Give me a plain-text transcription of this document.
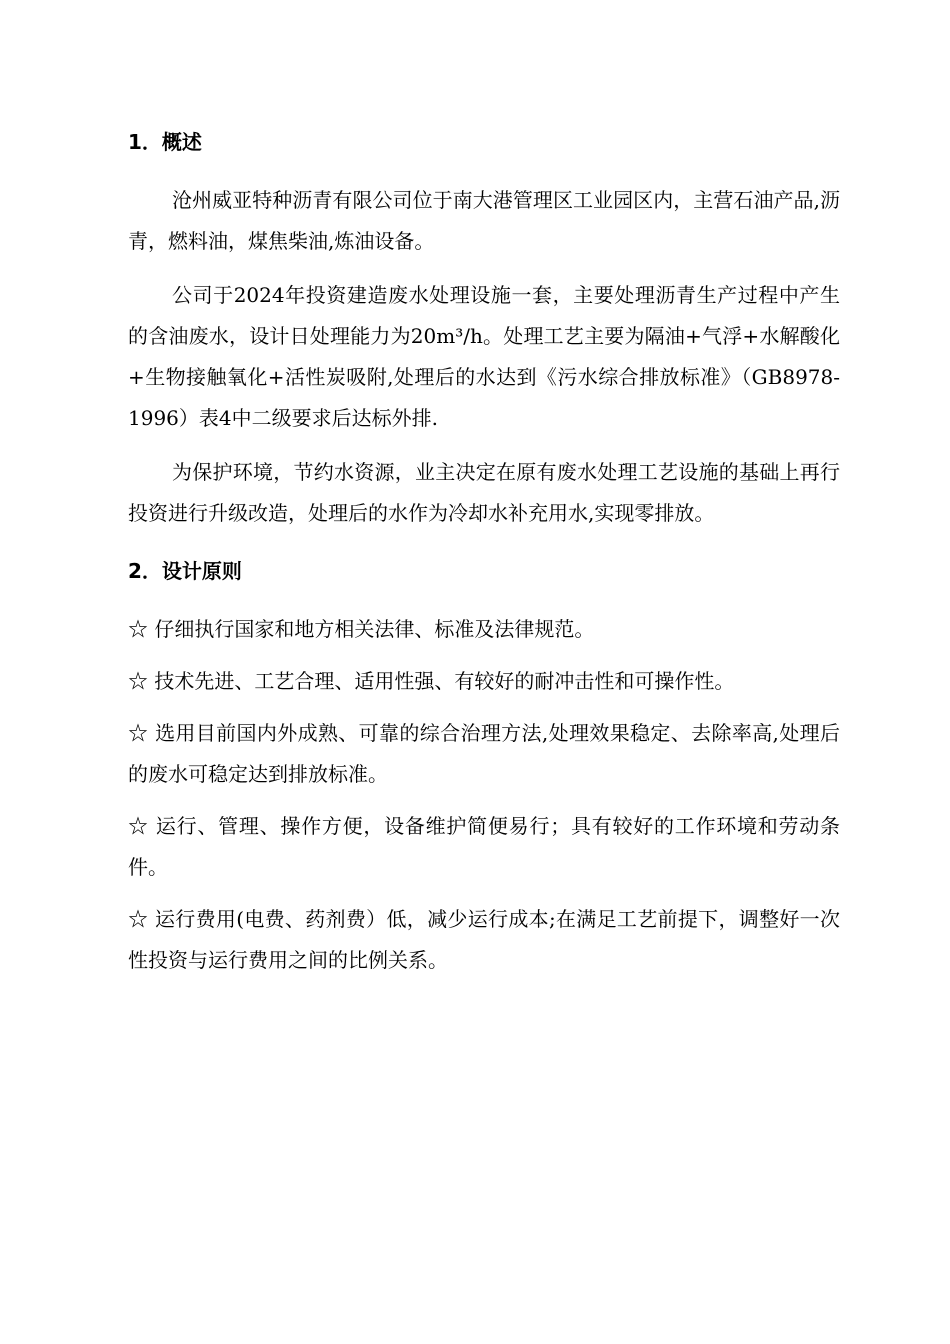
1．概述

沧州威亚特种沥青有限公司位于南大港管理区工业园区内，主营石油产品,沥青，燃料油，煤焦柴油,炼油设备。

公司于2024年投资建造废水处理设施一套，主要处理沥青生产过程中产生的含油废水，设计日处理能力为20m³/h。处理工艺主要为隔油+气浮+水解酸化+生物接触氧化+活性炭吸附,处理后的水达到《污水综合排放标准》（GB8978-1996）表4中二级要求后达标外排.

为保护环境，节约水资源，业主决定在原有废水处理工艺设施的基础上再行投资进行升级改造，处理后的水作为冷却水补充用水,实现零排放。

2．设计原则

☆ 仔细执行国家和地方相关法律、标准及法律规范。

☆ 技术先进、工艺合理、适用性强、有较好的耐冲击性和可操作性。

☆ 选用目前国内外成熟、可靠的综合治理方法,处理效果稳定、去除率高,处理后的废水可稳定达到排放标准。

☆ 运行、管理、操作方便，设备维护简便易行；具有较好的工作环境和劳动条件。

☆ 运行费用(电费、药剂费）低，减少运行成本;在满足工艺前提下，调整好一次性投资与运行费用之间的比例关系。
